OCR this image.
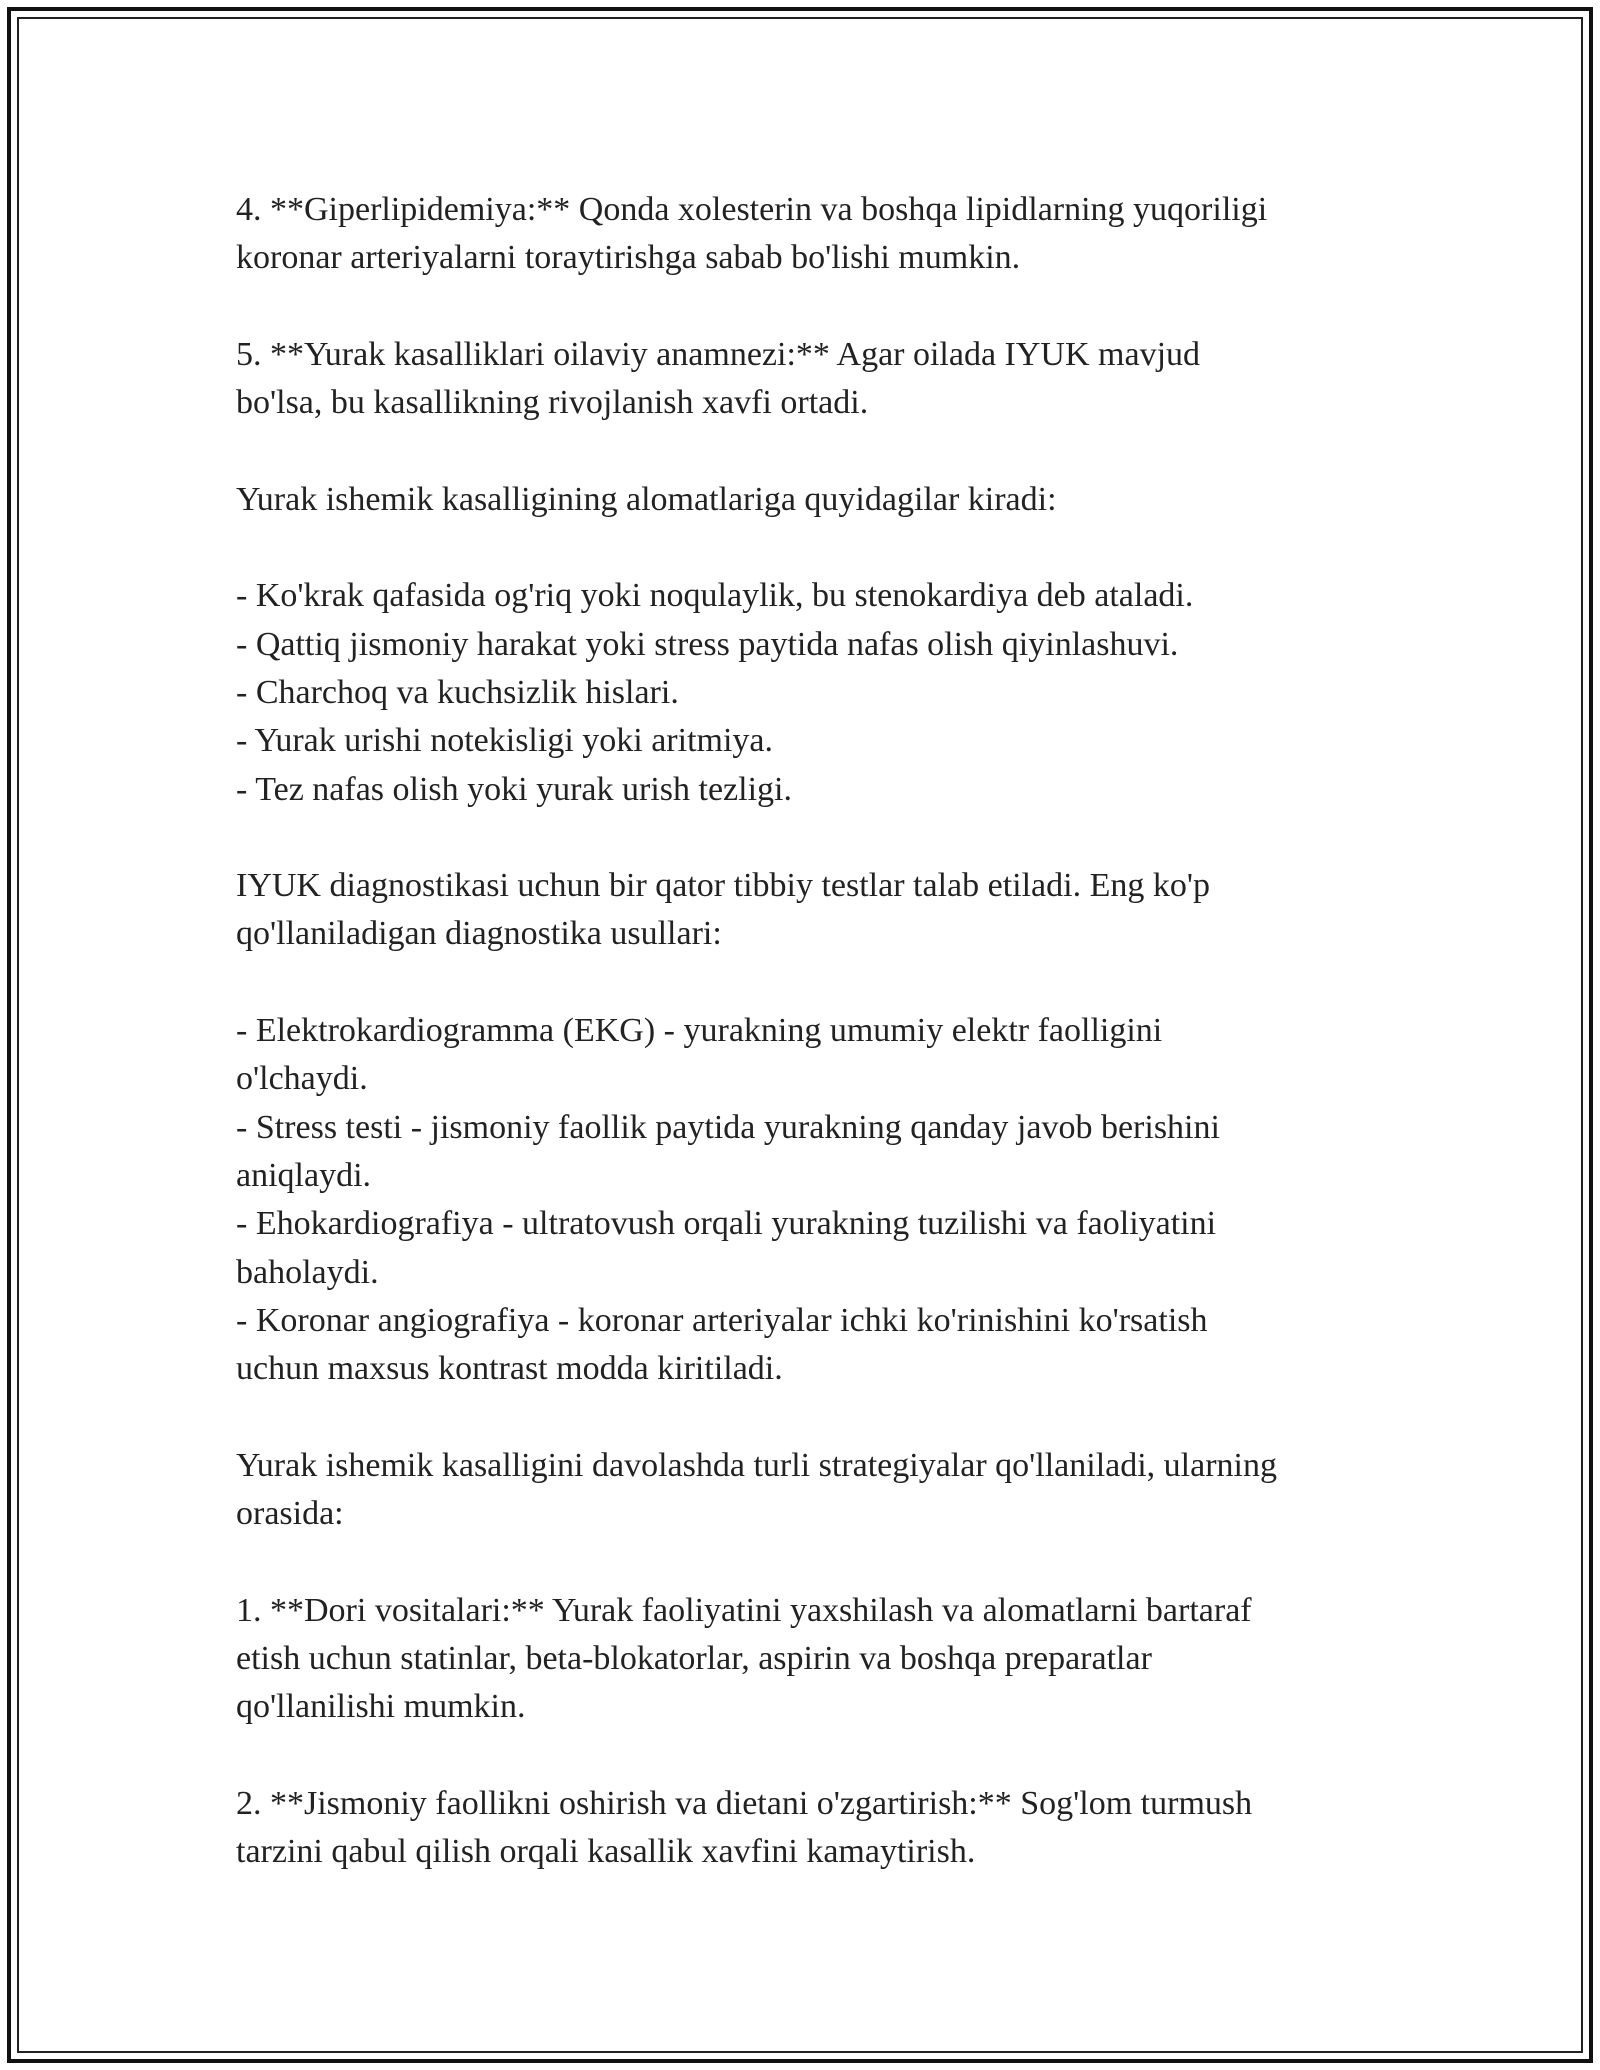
4. **Giperlipidemiya:** Qonda xolesterin va boshqa lipidlarning yuqoriligi
koronar arteriyalarni toraytirishga sabab bo'lishi mumkin.
5. **Yurak kasalliklari oilaviy anamnezi:** Agar oilada IYUK mavjud
bo'lsa, bu kasallikning rivojlanish xavfi ortadi.
Yurak ishemik kasalligining alomatlariga quyidagilar kiradi:
- Ko'krak qafasida og'riq yoki noqulaylik, bu stenokardiya deb ataladi.
- Qattiq jismoniy harakat yoki stress paytida nafas olish qiyinlashuvi.
- Charchoq va kuchsizlik hislari.
- Yurak urishi notekisligi yoki aritmiya.
- Tez nafas olish yoki yurak urish tezligi.
IYUK diagnostikasi uchun bir qator tibbiy testlar talab etiladi. Eng ko'p
qo'llaniladigan diagnostika usullari:
- Elektrokardiogramma (EKG) - yurakning umumiy elektr faolligini
o'lchaydi.
- Stress testi - jismoniy faollik paytida yurakning qanday javob berishini
aniqlaydi.
- Ehokardiografiya - ultratovush orqali yurakning tuzilishi va faoliyatini
baholaydi.
- Koronar angiografiya - koronar arteriyalar ichki ko'rinishini ko'rsatish
uchun maxsus kontrast modda kiritiladi.
Yurak ishemik kasalligini davolashda turli strategiyalar qo'llaniladi, ularning
orasida:
1. **Dori vositalari:** Yurak faoliyatini yaxshilash va alomatlarni bartaraf
etish uchun statinlar, beta-blokatorlar, aspirin va boshqa preparatlar
qo'llanilishi mumkin.
2. **Jismoniy faollikni oshirish va dietani o'zgartirish:** Sog'lom turmush
tarzini qabul qilish orqali kasallik xavfini kamaytirish.
